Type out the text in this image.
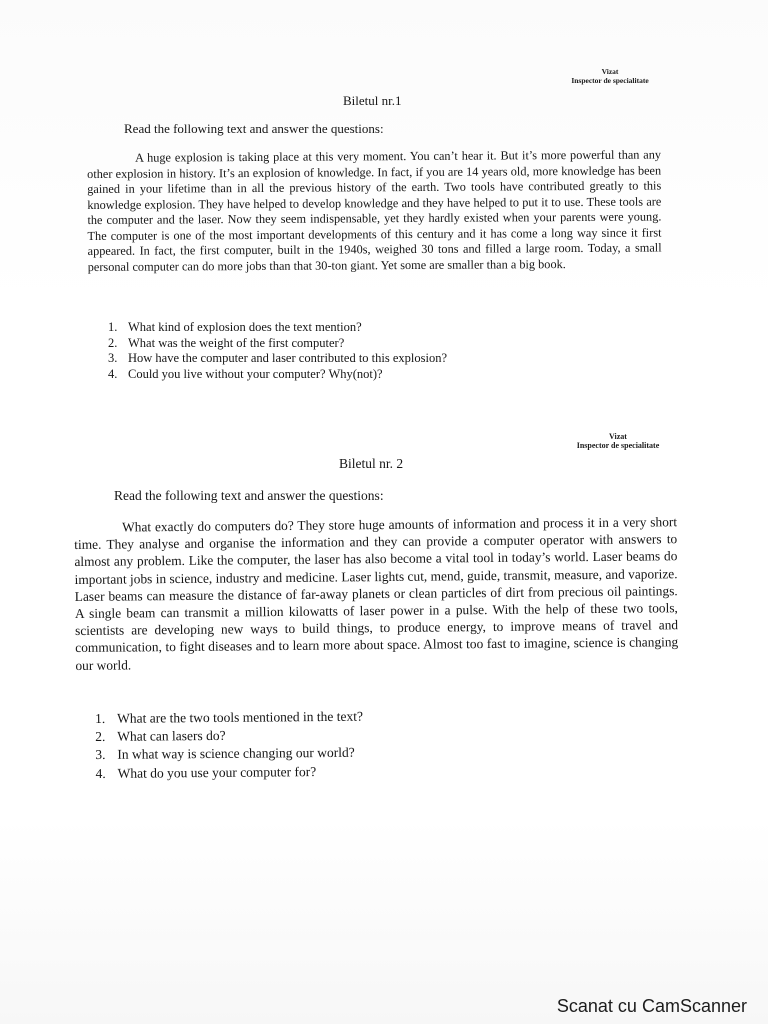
Vizat
Inspector de specialitate
Biletul nr.1
Read the following text and answer the questions:
A huge explosion is taking place at this very moment. You can’t hear it. But it’s more powerful than any other explosion in history. It’s an explosion of knowledge. In fact, if you are 14 years old, more knowledge has been gained in your lifetime than in all the previous history of the earth. Two tools have contributed greatly to this knowledge explosion. They have helped to develop knowledge and they have helped to put it to use. These tools are the computer and the laser. Now they seem indispensable, yet they hardly existed when your parents were young. The computer is one of the most important developments of this century and it has come a long way since it first appeared. In fact, the first computer, built in the 1940s, weighed 30 tons and filled a large room. Today, a small personal computer can do more jobs than that 30-ton giant. Yet some are smaller than a big book.
1. What kind of explosion does the text mention?
2. What was the weight of the first computer?
3. How have the computer and laser contributed to this explosion?
4. Could you live without your computer? Why(not)?
Vizat
Inspector de specialitate
Biletul nr. 2
Read the following text and answer the questions:
What exactly do computers do? They store huge amounts of information and process it in a very short time. They analyse and organise the information and they can provide a computer operator with answers to almost any problem. Like the computer, the laser has also become a vital tool in today’s world. Laser beams do important jobs in science, industry and medicine. Laser lights cut, mend, guide, transmit, measure, and vaporize. Laser beams can measure the distance of far-away planets or clean particles of dirt from precious oil paintings. A single beam can transmit a million kilowatts of laser power in a pulse. With the help of these two tools, scientists are developing new ways to build things, to produce energy, to improve means of travel and communication, to fight diseases and to learn more about space. Almost too fast to imagine, science is changing our world.
1. What are the two tools mentioned in the text?
2. What can lasers do?
3. In what way is science changing our world?
4. What do you use your computer for?
Scanat cu CamScanner
